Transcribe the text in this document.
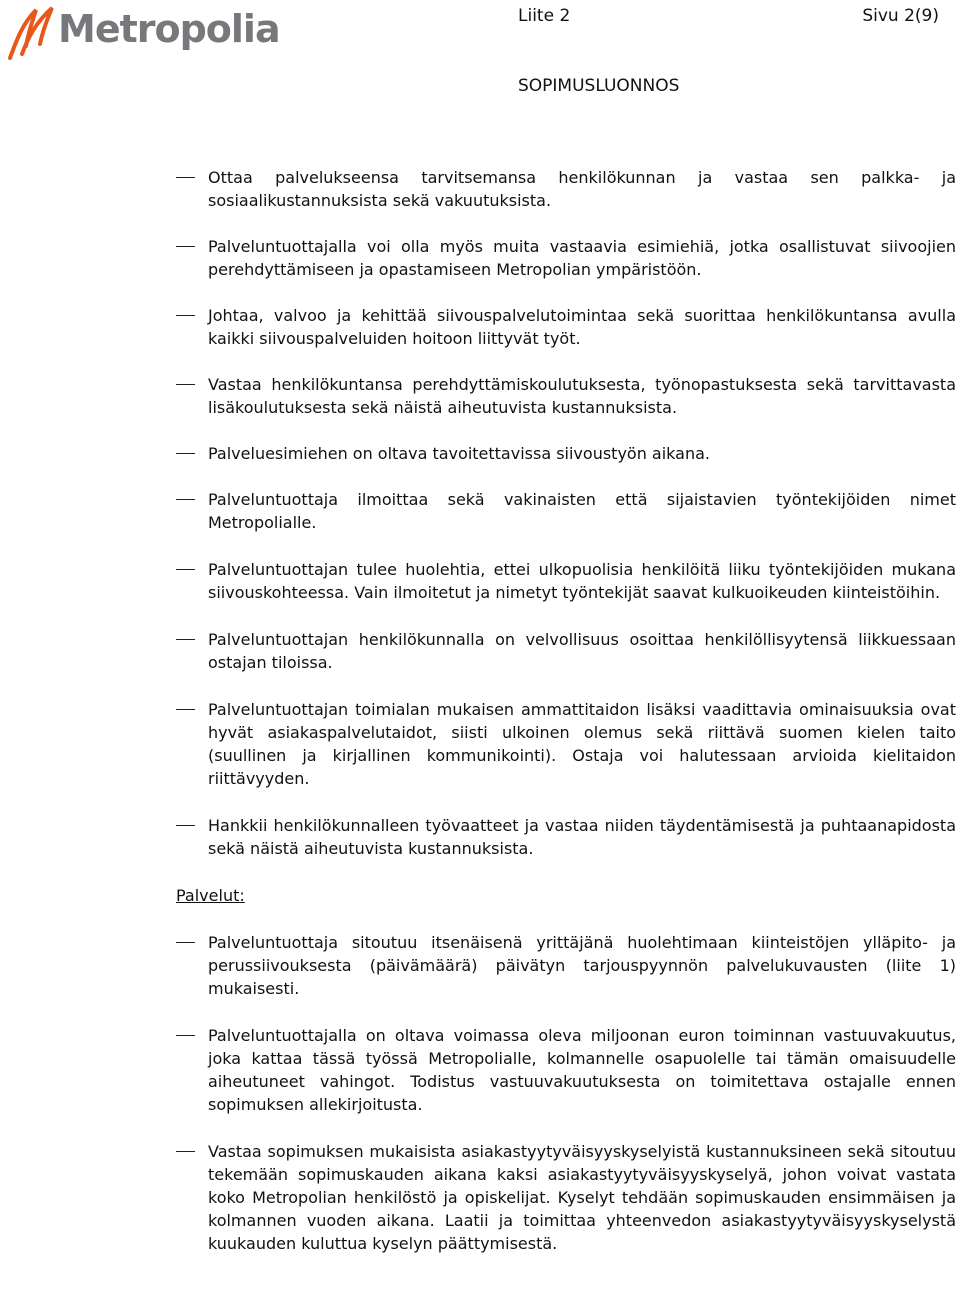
Metropolia	Liite 2	Sivu 2(9)
SOPIMUSLUONNOS
Ottaa palvelukseensa tarvitsemansa henkilökunnan ja vastaa sen palkka- ja sosiaalikustannuksista sekä vakuutuksista.
Palveluntuottajalla voi olla myös muita vastaavia esimiehiä, jotka osallistuvat siivoojien perehdyttämiseen ja opastamiseen Metropolian ympäristöön.
Johtaa, valvoo ja kehittää siivouspalvelutoimintaa sekä suorittaa henkilökuntansa avulla kaikki siivouspalveluiden hoitoon liittyvät työt.
Vastaa henkilökuntansa perehdyttämiskoulutuksesta, työnopastuksesta sekä tarvittavasta lisäkoulutuksesta sekä näistä aiheutuvista kustannuksista.
Palveluesimiehen on oltava tavoitettavissa siivoustyön aikana.
Palveluntuottaja ilmoittaa sekä vakinaisten että sijaistavien työntekijöiden nimet Metropolialle.
Palveluntuottajan tulee huolehtia, ettei ulkopuolisia henkilöitä liiku työntekijöiden mukana siivouskohteessa. Vain ilmoitetut ja nimetyt työntekijät saavat kulkuoikeuden kiinteistöihin.
Palveluntuottajan henkilökunnalla on velvollisuus osoittaa henkilöllisyytensä liikkuessaan ostajan tiloissa.
Palveluntuottajan toimialan mukaisen ammattitaidon lisäksi vaadittavia ominaisuuksia ovat hyvät asiakaspalvelutaidot, siisti ulkoinen olemus sekä riittävä suomen kielen taito (suullinen ja kirjallinen kommunikointi). Ostaja voi halutessaan arvioida kielitaidon riittävyyden.
Hankkii henkilökunnalleen työvaatteet ja vastaa niiden täydentämisestä ja puhtaanapidosta sekä näistä aiheutuvista kustannuksista.
Palvelut:
Palveluntuottaja sitoutuu itsenäisenä yrittäjänä huolehtimaan kiinteistöjen ylläpito- ja perussiivouksesta (päivämäärä) päivätyn tarjouspyynnön palvelukuvausten (liite 1) mukaisesti.
Palveluntuottajalla on oltava voimassa oleva miljoonan euron toiminnan vastuuvakuutus, joka kattaa tässä työssä Metropolialle, kolmannelle osapuolelle tai tämän omaisuudelle aiheutuneet vahingot. Todistus vastuuvakuutuksesta on toimitettava ostajalle ennen sopimuksen allekirjoitusta.
Vastaa sopimuksen mukaisista asiakastyytyväisyyskyselyistä kustannuksineen sekä sitoutuu tekemään sopimuskauden aikana kaksi asiakastyytyväisyyskyselyä, johon voivat vastata koko Metropolian henkilöstö ja opiskelijat. Kyselyt tehdään sopimuskauden ensimmäisen ja kolmannen vuoden aikana. Laatii ja toimittaa yhteenvedon asiakastyytyväisyyskyselystä kuukauden kuluttua kyselyn päättymisestä.
